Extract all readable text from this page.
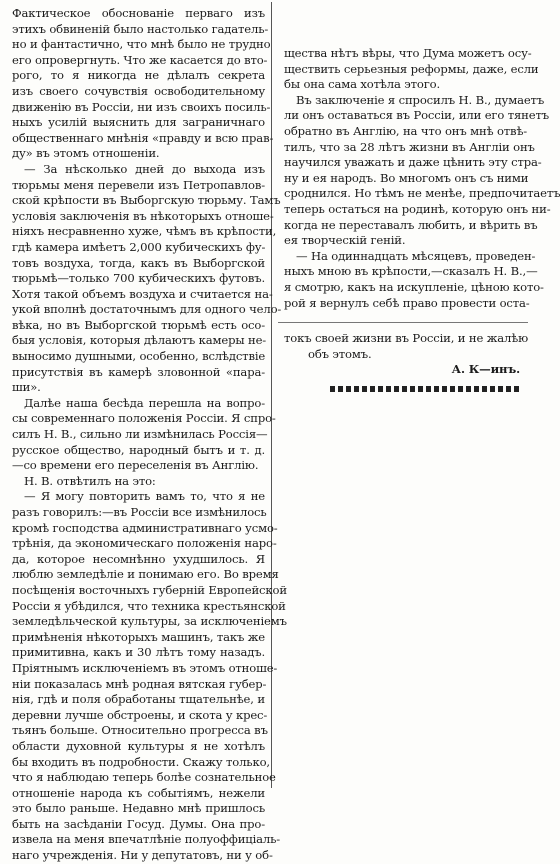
Фактическое обоснованіе перваго изъ
этихъ обвиненій было настолько гадатель-
но и фантастично, что мнѣ было не трудно
его опровергнуть. Что же касается до вто-
рого, то я никогда не дѣлалъ секрета
изъ своего сочувствія освободительному
движенію въ Россіи, ни изъ своихъ посиль-
ныхъ усилій выяснить для заграничнаго
общественнаго мнѣнія «правду и всю прав-
ду» въ этомъ отношеніи.
— За нѣсколько дней до выхода изъ
тюрьмы меня перевели изъ Петропавлов-
ской крѣпости въ Выборгскую тюрьму. Тамъ
условія заключенія въ нѣкоторыхъ отноше-
ніяхъ несравненно хуже, чѣмъ въ крѣпости,
гдѣ камера имѣетъ 2,000 кубическихъ фу-
товъ воздуха, тогда, какъ въ Выборгской
тюрьмѣ—только 700 кубическихъ футовъ.
Хотя такой объемъ воздуха и считается на-
укой вполнѣ достаточнымъ для одного чело-
вѣка, но въ Выборгской тюрьмѣ есть осо-
быя условія, которыя дѣлаютъ камеры не-
выносимо душными, особенно, вслѣдствіе
присутствія въ камерѣ зловонной «пара-
ши».
Далѣе наша бесѣда перешла на вопро-
сы современнаго положенія Россіи. Я спро-
силъ Н. В., сильно ли измѣнилась Россія—
русское общество, народный бытъ и т. д.
—со времени его переселенія въ Англію.
Н. В. отвѣтилъ на это:
— Я могу повторить вамъ то, что я не
разъ говорилъ:—въ Россіи все измѣнилось
кромѣ господства административнаго усмо-
трѣнія, да экономическаго положенія наро-
да, которое несомнѣнно ухудшилось. Я
люблю земледѣліе и понимаю его. Во время
посѣщенія восточныхъ губерній Европейской
Россіи я убѣдился, что техника крестьянской
земледѣльческой культуры, за исключеніемъ
примѣненія нѣкоторыхъ машинъ, такъ же
примитивна, какъ и 30 лѣтъ тому назадъ.
Пріятнымъ исключеніемъ въ этомъ отноше-
ніи показалась мнѣ родная вятская губер-
нія, гдѣ и поля обработаны тщательнѣе, и
деревни лучше обстроены, и скота у крес-
тьянъ больше. Относительно прогресса въ
области духовной культуры я не хотѣлъ
бы входить въ подробности. Скажу только,
что я наблюдаю теперь болѣе сознательное
отношеніе народа къ событіямъ, нежели
это было раньше. Недавно мнѣ пришлось
быть на засѣданіи Госуд. Думы. Она про-
извела на меня впечатлѣніе полуоффиціаль-
наго учрежденія. Ни у депутатовъ, ни у об-
щества нѣтъ вѣры, что Дума можетъ осу-
ществить серьезныя реформы, даже, если
бы она сама хотѣла этого.
Въ заключеніе я спросилъ Н. В., думаетъ
ли онъ оставаться въ Россіи, или его тянетъ
обратно въ Англію, на что онъ мнѣ отвѣ-
тилъ, что за 28 лѣтъ жизни въ Англіи онъ
научился уважать и даже цѣнить эту стра-
ну и ея народъ. Во многомъ онъ съ ними
сроднился. Но тѣмъ не менѣе, предпочитаетъ
теперь остаться на родинѣ, которую онъ ни-
когда не переставалъ любить, и вѣрить въ
ея творческій геній.
— На одиннадцать мѣсяцевъ, проведен-
ныхъ мною въ крѣпости,—сказалъ Н. В.,—
я смотрю, какъ на искупленіе, цѣною кото-
рой я вернулъ себѣ право провести оста-
токъ своей жизни въ Россіи, и не жалѣю
объ этомъ.
А. К—инъ.
